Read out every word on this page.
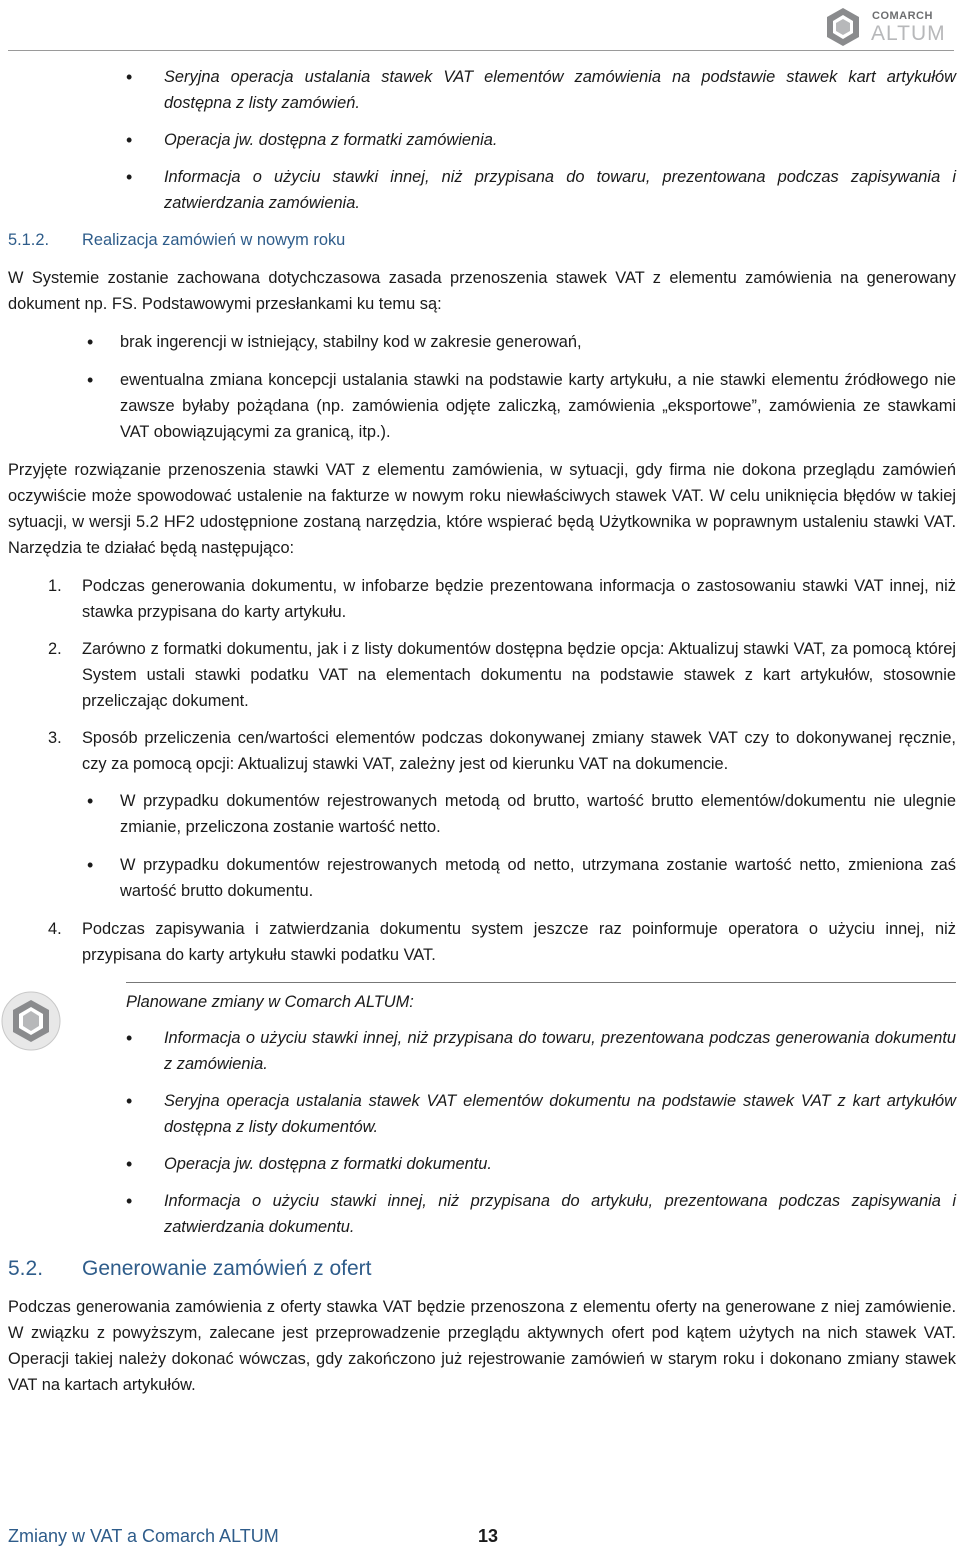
COMARCH
ALTUM
• Seryjna operacja ustalania stawek VAT elementów zamówienia na podstawie stawek kart artykułów dostępna z listy zamówień.
• Operacja jw. dostępna z formatki zamówienia.
• Informacja o użyciu stawki innej, niż przypisana do towaru, prezentowana podczas zapisywania i zatwierdzania zamówienia.
5.1.2. Realizacja zamówień w nowym roku

W Systemie zostanie zachowana dotychczasowa zasada przenoszenia stawek VAT z elementu zamówienia na generowany dokument np. FS. Podstawowymi przesłankami ku temu są:

• brak ingerencji w istniejący, stabilny kod w zakresie generowań,
• ewentualna zmiana koncepcji ustalania stawki na podstawie karty artykułu, a nie stawki elementu źródłowego nie zawsze byłaby pożądana (np. zamówienia odjęte zaliczką, zamówienia „eksportowe”, zamówienia ze stawkami VAT obowiązującymi za granicą, itp.).

Przyjęte rozwiązanie przenoszenia stawki VAT z elementu zamówienia, w sytuacji, gdy firma nie dokona przeglądu zamówień oczywiście może spowodować ustalenie na fakturze w nowym roku niewłaściwych stawek VAT. W celu uniknięcia błędów w takiej sytuacji, w wersji 5.2 HF2 udostępnione zostaną narzędzia, które wspierać będą Użytkownika w poprawnym ustaleniu stawki VAT. Narzędzia te działać będą następująco:

1. Podczas generowania dokumentu, w infobarze będzie prezentowana informacja o zastosowaniu stawki VAT innej, niż stawka przypisana do karty artykułu.
2. Zarówno z formatki dokumentu, jak i z listy dokumentów dostępna będzie opcja: Aktualizuj stawki VAT, za pomocą której System ustali stawki podatku VAT na elementach dokumentu na podstawie stawek z kart artykułów, stosownie przeliczając dokument.
3. Sposób przeliczenia cen/wartości elementów podczas dokonywanej zmiany stawek VAT czy to dokonywanej ręcznie, czy za pomocą opcji: Aktualizuj stawki VAT, zależny jest od kierunku VAT na dokumencie.
• W przypadku dokumentów rejestrowanych metodą od brutto, wartość brutto elementów/dokumentu nie ulegnie zmianie, przeliczona zostanie wartość netto.
• W przypadku dokumentów rejestrowanych metodą od netto, utrzymana zostanie wartość netto, zmieniona zaś wartość brutto dokumentu.
4. Podczas zapisywania i zatwierdzania dokumentu system jeszcze raz poinformuje operatora o użyciu innej, niż przypisana do karty artykułu stawki podatku VAT.

Planowane zmiany w Comarch ALTUM:

• Informacja o użyciu stawki innej, niż przypisana do towaru, prezentowana podczas generowania dokumentu z zamówienia.
• Seryjna operacja ustalania stawek VAT elementów dokumentu na podstawie stawek VAT z kart artykułów dostępna z listy dokumentów.
• Operacja jw. dostępna z formatki dokumentu.
• Informacja o użyciu stawki innej, niż przypisana do artykułu, prezentowana podczas zapisywania i zatwierdzania dokumentu.
5.2. Generowanie zamówień z ofert

Podczas generowania zamówienia z oferty stawka VAT będzie przenoszona z elementu oferty na generowane z niej zamówienie. W związku z powyższym, zalecane jest przeprowadzenie przeglądu aktywnych ofert pod kątem użytych na nich stawek VAT. Operacji takiej należy dokonać wówczas, gdy zakończono już rejestrowanie zamówień w starym roku i dokonano zmiany stawek VAT na kartach artykułów.

Zmiany w VAT a Comarch ALTUM	13
